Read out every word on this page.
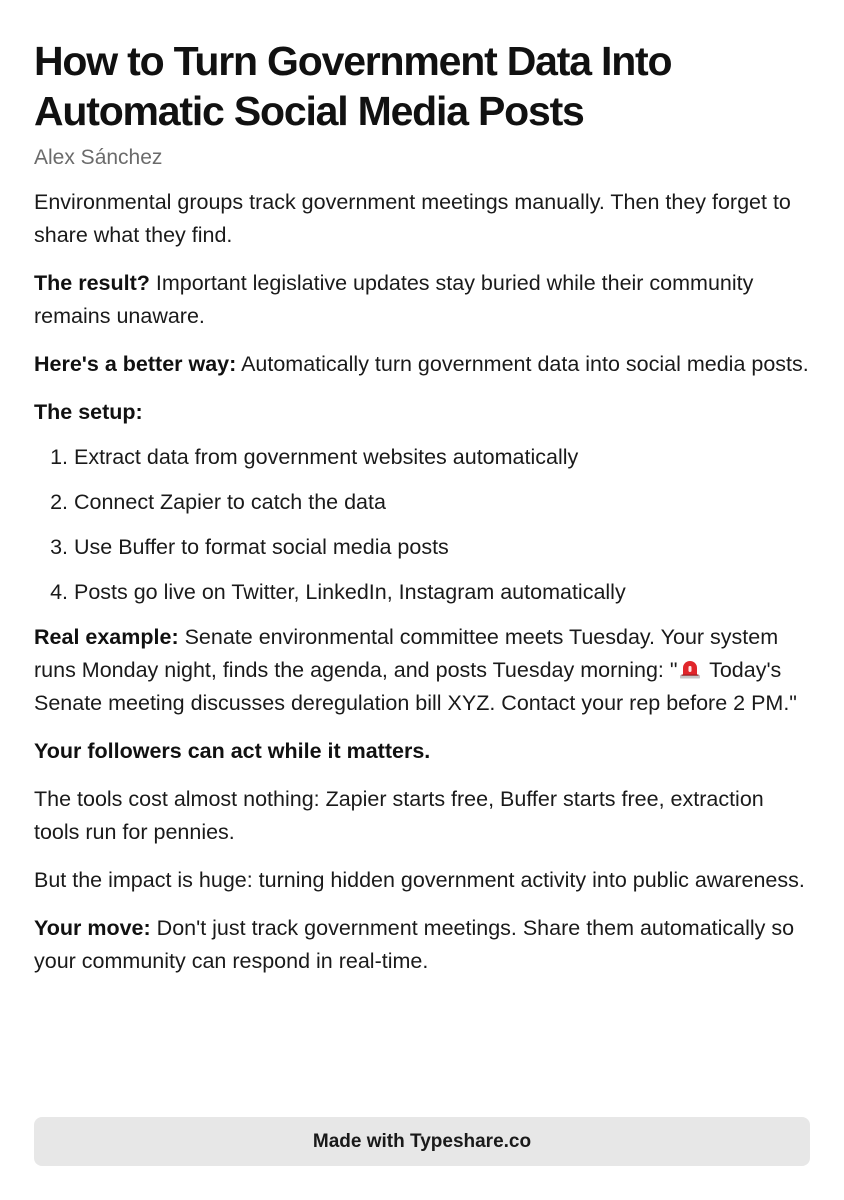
How to Turn Government Data Into
Automatic Social Media Posts
Alex Sánchez

Environmental groups track government meetings manually. Then they forget to share what they find.

The result? Important legislative updates stay buried while their community remains unaware.

Here's a better way: Automatically turn government data into social media posts.

The setup:

1. Extract data from government websites automatically
2. Connect Zapier to catch the data
3. Use Buffer to format social media posts
4. Posts go live on Twitter, LinkedIn, Instagram automatically

Real example: Senate environmental committee meets Tuesday. Your system runs Monday night, finds the agenda, and posts Tuesday morning: " Today's Senate meeting discusses deregulation bill XYZ. Contact your rep before 2 PM."

Your followers can act while it matters.

The tools cost almost nothing: Zapier starts free, Buffer starts free, extraction tools run for pennies.

But the impact is huge: turning hidden government activity into public awareness.

Your move: Don't just track government meetings. Share them automatically so your community can respond in real-time.

Made with Typeshare.co
